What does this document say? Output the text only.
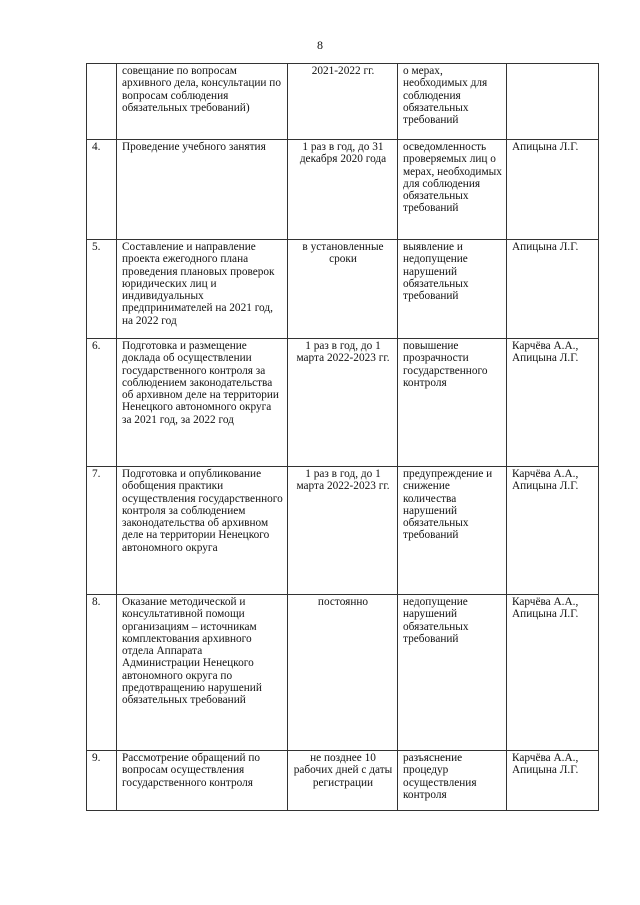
8
	совещание по вопросам архивного дела, консультации по вопросам соблюдения обязательных требований)	2021-2022 гг.	о мерах, необходимых для соблюдения обязательных требований	
4.	Проведение учебного занятия	1 раз в год, до 31 декабря 2020 года	осведомленность проверяемых лиц о мерах, необходимых для соблюдения обязательных требований	Апицына Л.Г.
5.	Составление и направление проекта ежегодного плана проведения плановых проверок юридических лиц и индивидуальных предпринимателей на 2021 год, на 2022 год	в установленные сроки	выявление и недопущение нарушений обязательных требований	Апицына Л.Г.
6.	Подготовка и размещение доклада об осуществлении государственного контроля за соблюдением законодательства об архивном деле на территории Ненецкого автономного округа за 2021 год, за 2022 год	1 раз в год, до 1 марта 2022-2023 гг.	повышение прозрачности государственного контроля	Карчёва А.А., Апицына Л.Г.
7.	Подготовка и опубликование обобщения практики осуществления государственного контроля за соблюдением законодательства об архивном деле на территории Ненецкого автономного округа	1 раз в год, до 1 марта 2022-2023 гг.	предупреждение и снижение количества нарушений обязательных требований	Карчёва А.А., Апицына Л.Г.
8.	Оказание методической и консультативной помощи организациям – источникам комплектования архивного отдела Аппарата Администрации Ненецкого автономного округа по предотвращению нарушений обязательных требований	постоянно	недопущение нарушений обязательных требований	Карчёва А.А., Апицына Л.Г.
9.	Рассмотрение обращений по вопросам осуществления государственного контроля	не позднее 10 рабочих дней с даты регистрации	разъяснение процедур осуществления контроля	Карчёва А.А., Апицына Л.Г.
